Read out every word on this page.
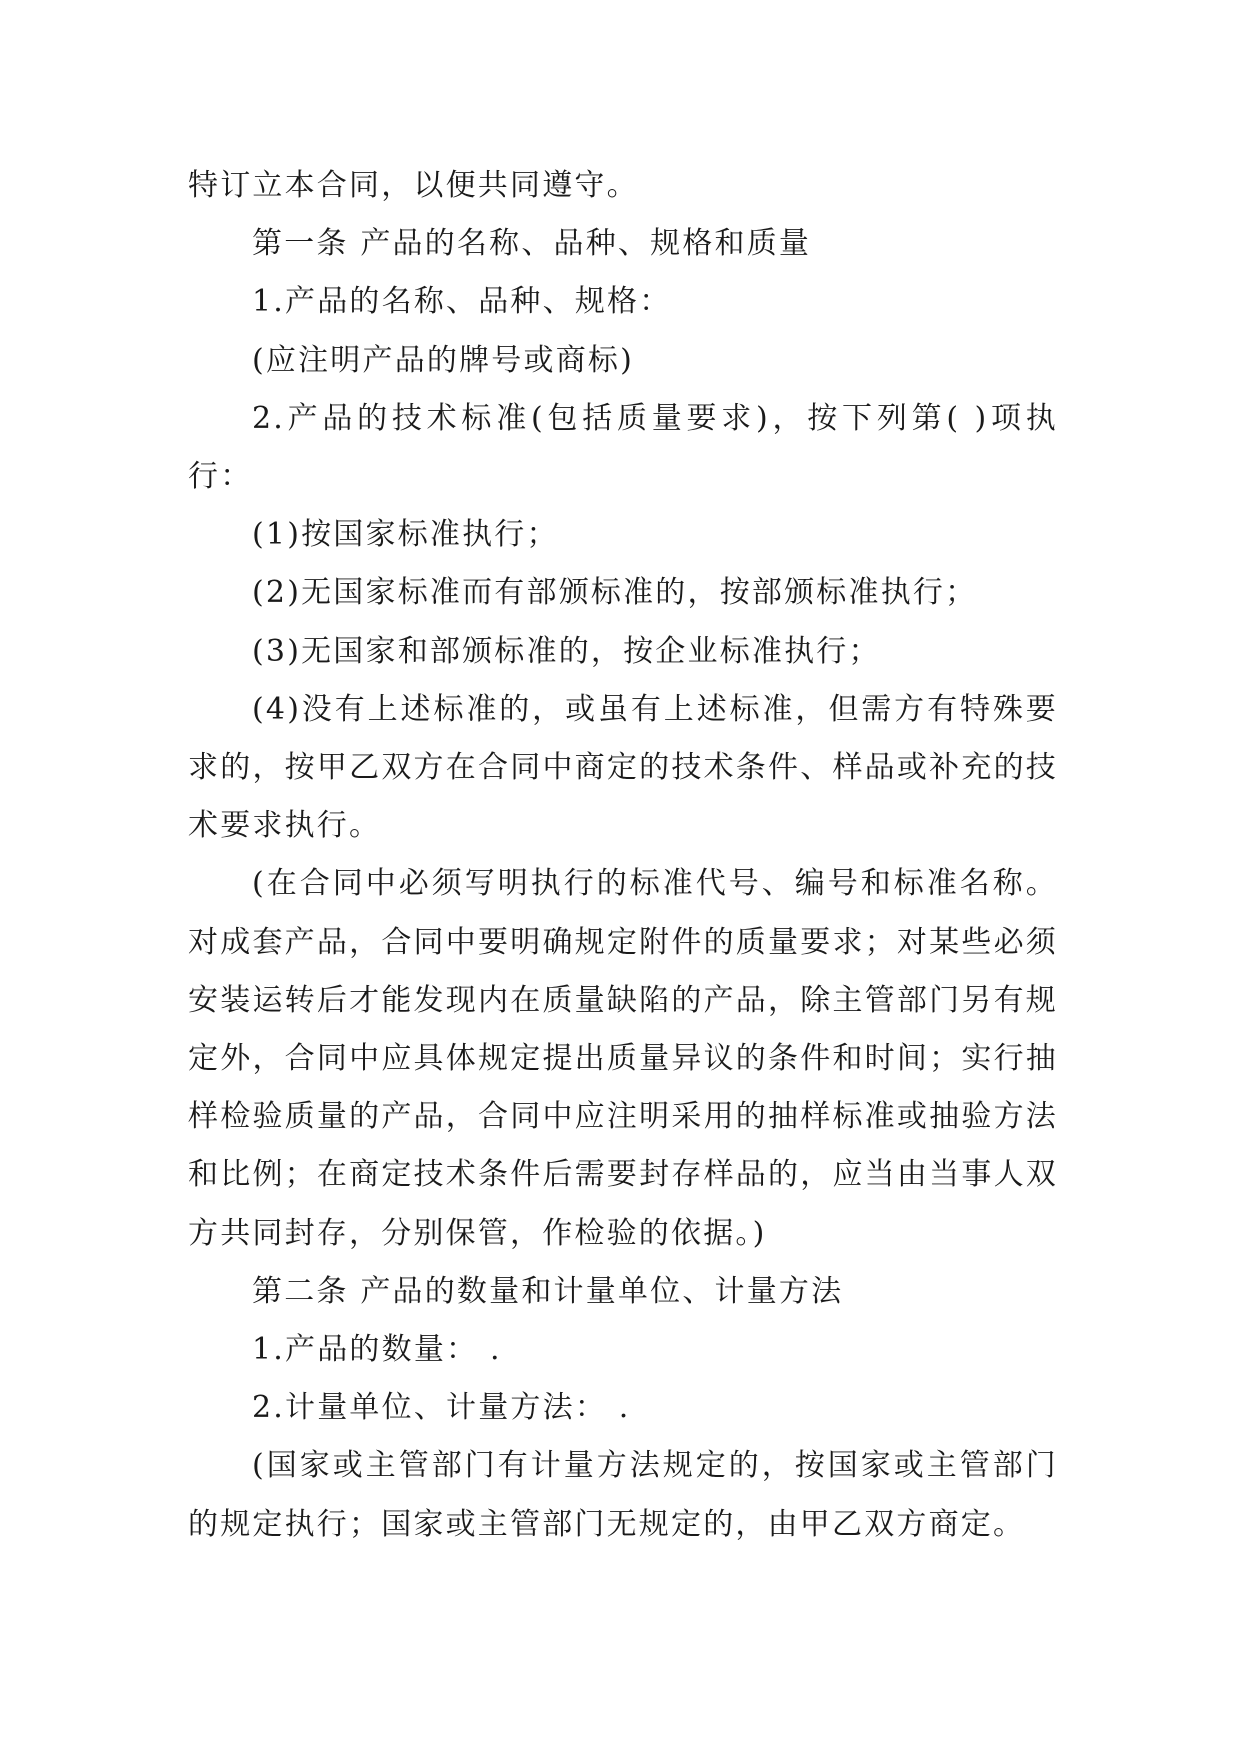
特订立本合同，以便共同遵守。

第一条 产品的名称、品种、规格和质量

1.产品的名称、品种、规格：

(应注明产品的牌号或商标)

2.产品的技术标准(包括质量要求)，按下列第( )项执行：

(1)按国家标准执行；

(2)无国家标准而有部颁标准的，按部颁标准执行；

(3)无国家和部颁标准的，按企业标准执行；

(4)没有上述标准的，或虽有上述标准，但需方有特殊要求的，按甲乙双方在合同中商定的技术条件、样品或补充的技术要求执行。

(在合同中必须写明执行的标准代号、编号和标准名称。对成套产品，合同中要明确规定附件的质量要求；对某些必须安装运转后才能发现内在质量缺陷的产品，除主管部门另有规定外，合同中应具体规定提出质量异议的条件和时间；实行抽样检验质量的产品，合同中应注明采用的抽样标准或抽验方法和比例；在商定技术条件后需要封存样品的，应当由当事人双方共同封存，分别保管，作检验的依据。)

第二条 产品的数量和计量单位、计量方法

1.产品的数量： .

2.计量单位、计量方法： .

(国家或主管部门有计量方法规定的，按国家或主管部门的规定执行；国家或主管部门无规定的，由甲乙双方商定。
